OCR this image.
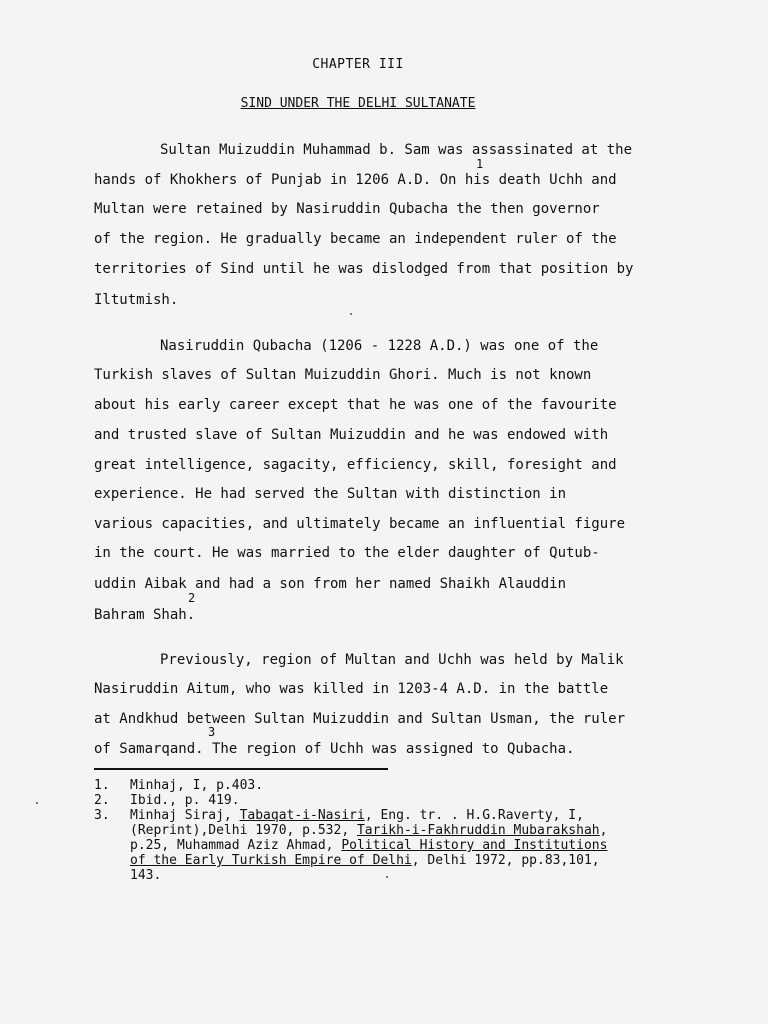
CHAPTER III
SIND UNDER THE DELHI SULTANATE
Sultan Muizuddin Muhammad b. Sam was assassinated at the
1
hands of Khokhers of Punjab in 1206 A.D. On his death Uchh and
Multan were retained by Nasiruddin Qubacha the then governor
of the region. He gradually became an independent ruler of the
territories of Sind until he was dislodged from that position by
Iltutmish.
Nasiruddin Qubacha (1206 - 1228 A.D.) was one of the
Turkish slaves of Sultan Muizuddin Ghori. Much is not known
about his early career except that he was one of the favourite
and trusted slave of Sultan Muizuddin and he was endowed with
great intelligence, sagacity, efficiency, skill, foresight and
experience. He had served the Sultan with distinction in
various capacities, and ultimately became an influential figure
in the court. He was married to the elder daughter of Qutub-
uddin Aibak and had a son from her named Shaikh Alauddin
2
Bahram Shah.
Previously, region of Multan and Uchh was held by Malik
Nasiruddin Aitum, who was killed in 1203-4 A.D. in the battle
at Andkhud between Sultan Muizuddin and Sultan Usman, the ruler
3
of Samarqand. The region of Uchh was assigned to Qubacha.
1. Minhaj, I, p.403.
2. Ibid., p. 419.
3. Minhaj Siraj, Tabaqat-i-Nasiri, Eng. tr. . H.G.Raverty, I,
(Reprint),Delhi 1970, p.532, Tarikh-i-Fakhruddin Mubarakshah,
p.25, Muhammad Aziz Ahmad, Political History and Institutions
of the Early Turkish Empire of Delhi, Delhi 1972, pp.83,101,
143.
